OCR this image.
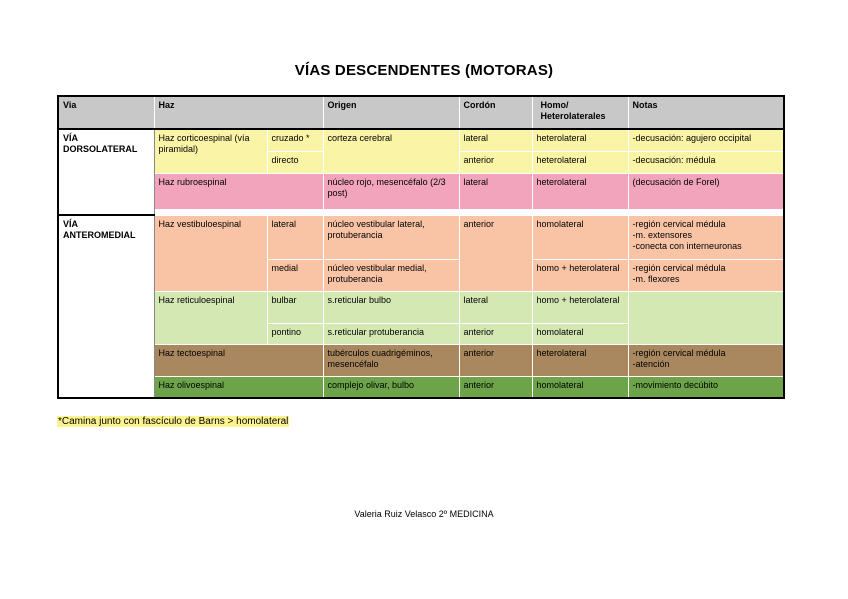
VÍAS DESCENDENTES (MOTORAS)
Via	Haz		Origen	Cordón	Homo/ Heterolaterales	Notas
VÍA DORSOLATERAL	Haz corticoespinal (vía piramidal)	cruzado *	corteza cerebral	lateral	heterolateral	-decusación: agujero occipital
		directo		anterior	heterolateral	-decusación: médula
	Haz rubroespinal		núcleo rojo, mesencéfalo (2/3 post)	lateral	heterolateral	(decusación de Forel)

VÍA ANTEROMEDIAL	Haz vestibuloespinal	lateral	núcleo vestibular lateral, protuberancia	anterior	homolateral	-región cervical médula
-m. extensores
-conecta con interneuronas
		medial	núcleo vestibular medial, protuberancia		homo + heterolateral	-región cervical médula
-m. flexores
	Haz reticuloespinal	bulbar	s.reticular bulbo	lateral	homo + heterolateral	
		pontino	s.reticular protuberancia	anterior	homolateral	
	Haz tectoespinal		tubérculos cuadrigéminos, mesencéfalo	anterior	heterolateral	-región cervical médula
-atención
	Haz olivoespinal		complejo olivar, bulbo	anterior	homolateral	-movimiento decúbito
*Camina junto con fascículo de Barns > homolateral
Valeria Ruiz Velasco 2º MEDICINA
